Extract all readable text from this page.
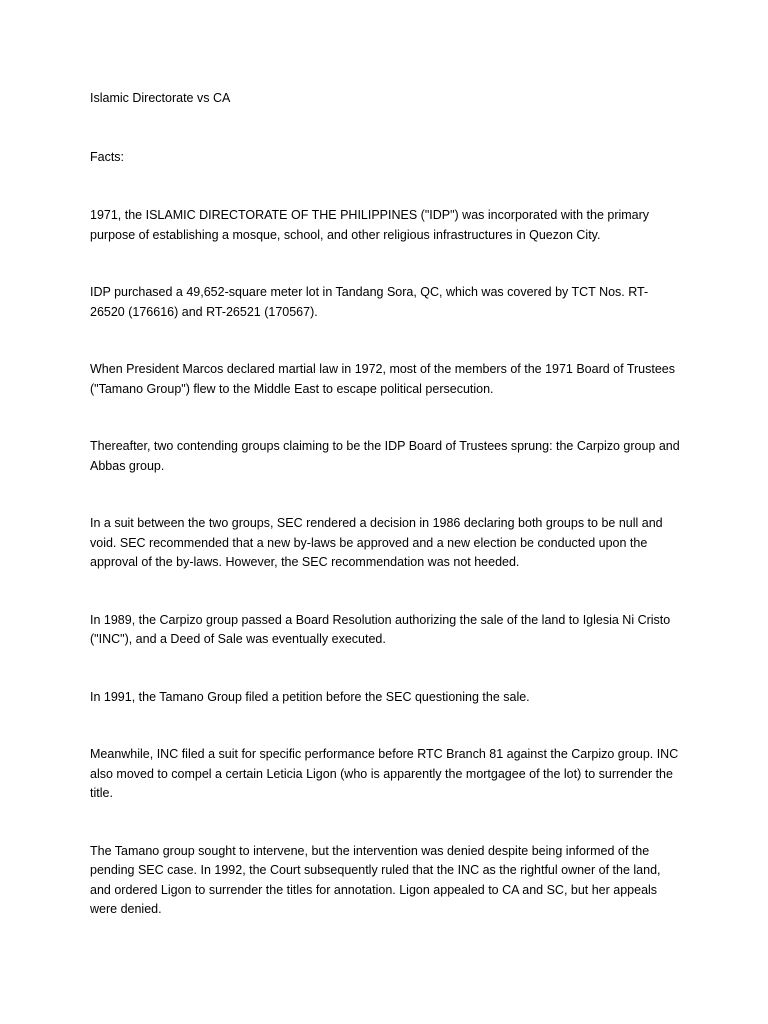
Islamic Directorate vs CA

Facts:

1971, the ISLAMIC DIRECTORATE OF THE PHILIPPINES ("IDP") was incorporated with the primary purpose of establishing a mosque, school, and other religious infrastructures in Quezon City.

IDP purchased a 49,652-square meter lot in Tandang Sora, QC, which was covered by TCT Nos. RT-26520 (176616) and RT-26521 (170567).

When President Marcos declared martial law in 1972, most of the members of the 1971 Board of Trustees ("Tamano Group") flew to the Middle East to escape political persecution.

Thereafter, two contending groups claiming to be the IDP Board of Trustees sprung: the Carpizo group and Abbas group.

In a suit between the two groups, SEC rendered a decision in 1986 declaring both groups to be null and void. SEC recommended that a new by-laws be approved and a new election be conducted upon the approval of the by-laws. However, the SEC recommendation was not heeded.

In 1989, the Carpizo group passed a Board Resolution authorizing the sale of the land to Iglesia Ni Cristo ("INC"), and a Deed of Sale was eventually executed.

In 1991, the Tamano Group filed a petition before the SEC questioning the sale.

Meanwhile, INC filed a suit for specific performance before RTC Branch 81 against the Carpizo group. INC also moved to compel a certain Leticia Ligon (who is apparently the mortgagee of the lot) to surrender the title.

The Tamano group sought to intervene, but the intervention was denied despite being informed of the pending SEC case. In 1992, the Court subsequently ruled that the INC as the rightful owner of the land, and ordered Ligon to surrender the titles for annotation. Ligon appealed to CA and SC, but her appeals were denied.
